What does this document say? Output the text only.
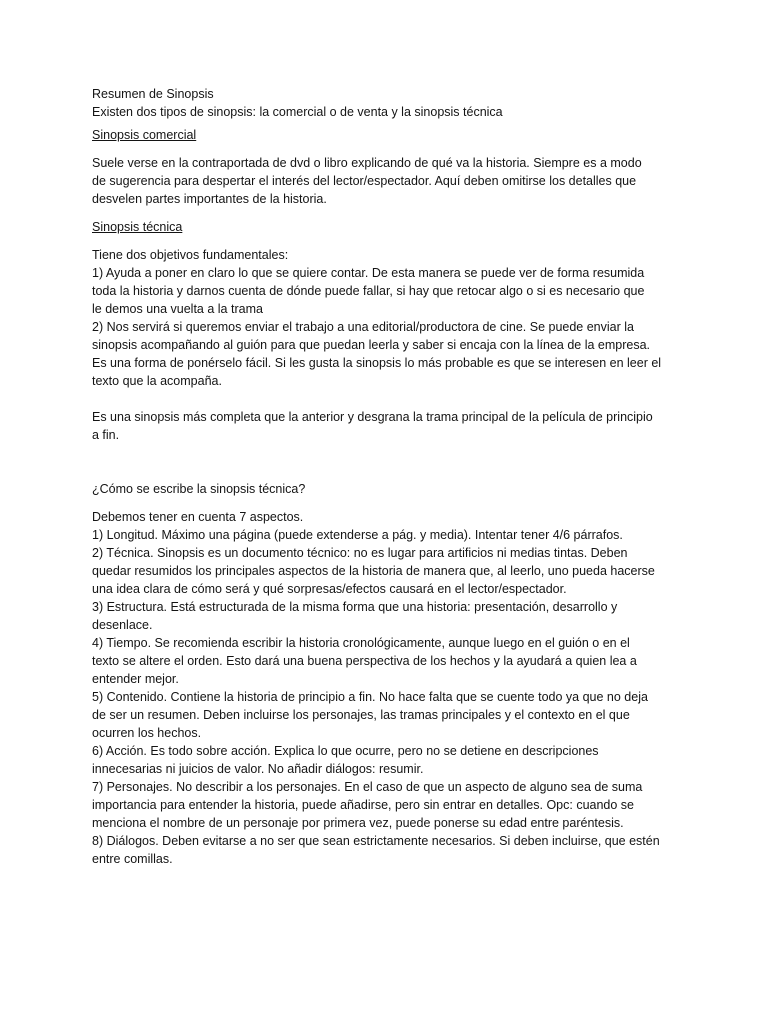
Resumen de Sinopsis

Existen dos tipos de sinopsis: la comercial o de venta y la sinopsis técnica

Sinopsis comercial

Suele verse en la contraportada de dvd o libro explicando de qué va la historia. Siempre es a modo
de sugerencia para despertar el interés del lector/espectador. Aquí deben omitirse los detalles que
desvelen partes importantes de la historia.

Sinopsis técnica

Tiene dos objetivos fundamentales:
1) Ayuda a poner en claro lo que se quiere contar. De esta manera se puede ver de forma resumida
toda la historia y darnos cuenta de dónde puede fallar, si hay que retocar algo o si es necesario que
le demos una vuelta a la trama
2) Nos servirá si queremos enviar el trabajo a una editorial/productora de cine. Se puede enviar la
sinopsis acompañando al guión para que puedan leerla y saber si encaja con la línea de la empresa.
Es una forma de ponérselo fácil. Si les gusta la sinopsis lo más probable es que se interesen en leer el
texto que la acompaña.

Es una sinopsis más completa que la anterior y desgrana la trama principal de la película de principio
a fin.

¿Cómo se escribe la sinopsis técnica?

Debemos tener en cuenta 7 aspectos.
1) Longitud. Máximo una página (puede extenderse a pág. y media). Intentar tener 4/6 párrafos.
2) Técnica. Sinopsis es un documento técnico: no es lugar para artificios ni medias tintas. Deben
quedar resumidos los principales aspectos de la historia de manera que, al leerlo, uno pueda hacerse
una idea clara de cómo será y qué sorpresas/efectos causará en el lector/espectador.
3) Estructura. Está estructurada de la misma forma que una historia: presentación, desarrollo y
desenlace.
4) Tiempo. Se recomienda escribir la historia cronológicamente, aunque luego en el guión o en el
texto se altere el orden. Esto dará una buena perspectiva de los hechos y la ayudará a quien lea a
entender mejor.
5) Contenido. Contiene la historia de principio a fin. No hace falta que se cuente todo ya que no deja
de ser un resumen. Deben incluirse los personajes, las tramas principales y el contexto en el que
ocurren los hechos.
6) Acción. Es todo sobre acción. Explica lo que ocurre, pero no se detiene en descripciones
innecesarias ni juicios de valor. No añadir diálogos: resumir.
7) Personajes. No describir a los personajes. En el caso de que un aspecto de alguno sea de suma
importancia para entender la historia, puede añadirse, pero sin entrar en detalles. Opc: cuando se
menciona el nombre de un personaje por primera vez, puede ponerse su edad entre paréntesis.
8) Diálogos. Deben evitarse a no ser que sean estrictamente necesarios. Si deben incluirse, que estén
entre comillas.
